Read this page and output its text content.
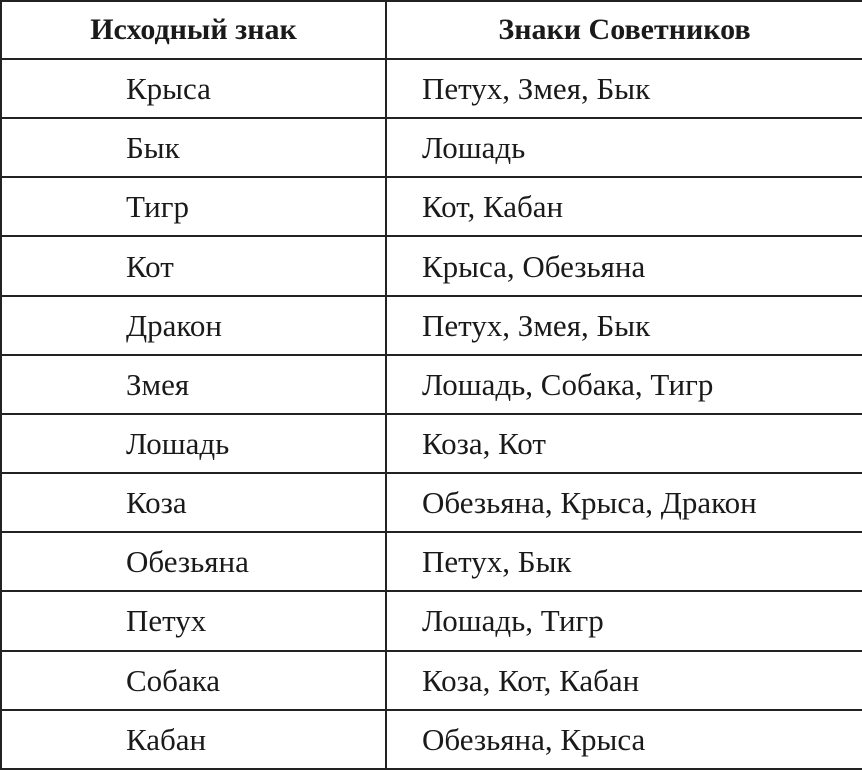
Исходный знак	Знаки Советников
Крыса	Петух, Змея, Бык
Бык	Лошадь
Тигр	Кот, Кабан
Кот	Крыса, Обезьяна
Дракон	Петух, Змея, Бык
Змея	Лошадь, Собака, Тигр
Лошадь	Коза, Кот
Коза	Обезьяна, Крыса, Дракон
Обезьяна	Петух, Бык
Петух	Лошадь, Тигр
Собака	Коза, Кот, Кабан
Кабан	Обезьяна, Крыса
